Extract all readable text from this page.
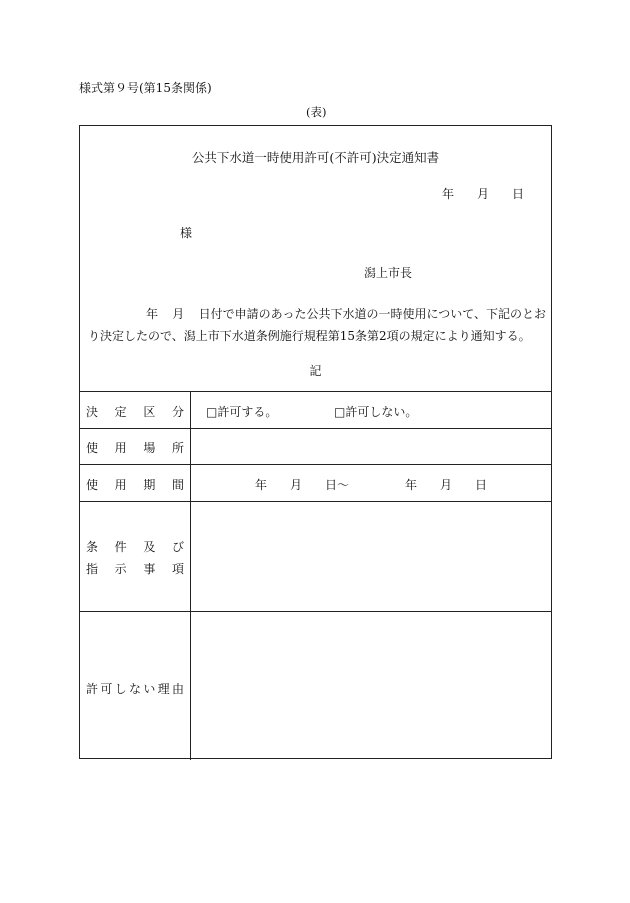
様式第９号(第15条関係)
(表)
公共下水道一時使用許可(不許可)決定通知書
年 月 日
様
潟上市長
年	月	日付で申請のあった公共下水道の一時使用について、下記のとお
り決定したので、潟上市下水道条例施行規程第15条第2項の規定により通知する。
記
決 定 区 分 □許可する。	□許可しない。
使 用 場 所
使 用 期 間	年	月	日～	年	月	日
条 件 及 び
指 示 事 項
許 可 し な い 理 由
